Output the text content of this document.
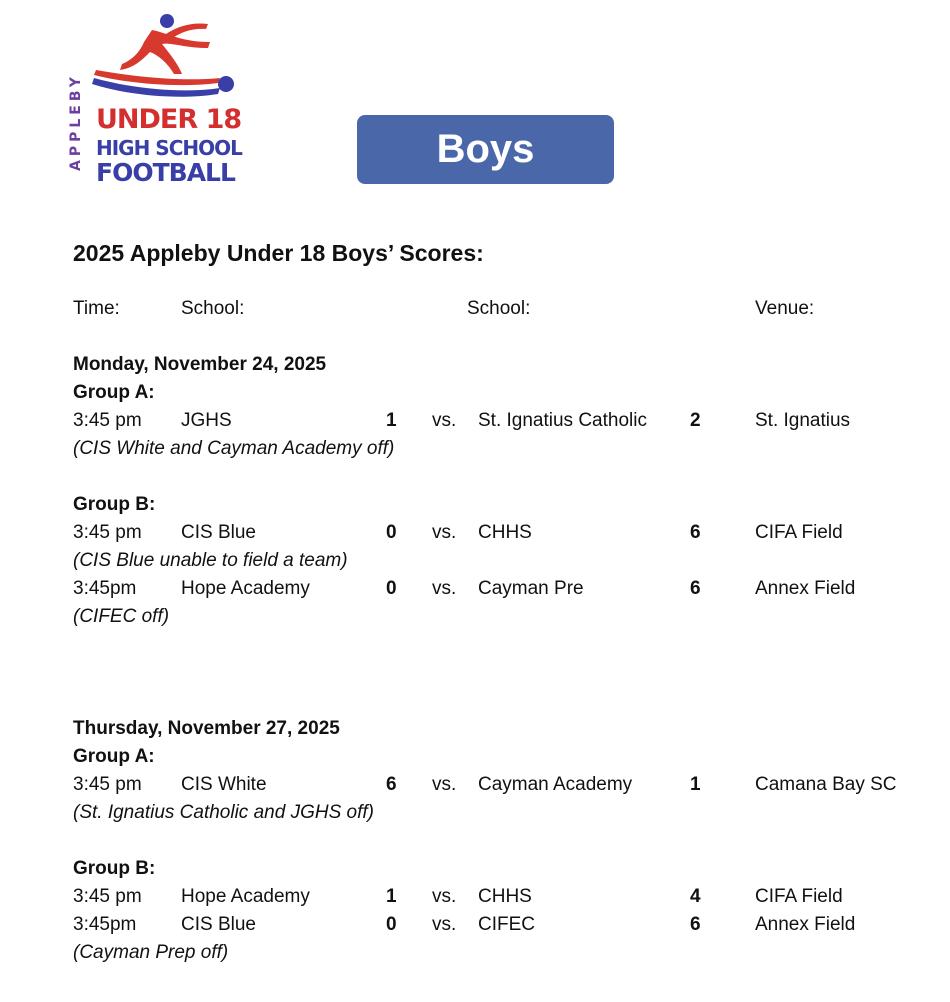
APPLEBY UNDER 18
HIGH SCHOOL
FOOTBALL
Boys
2025 Appleby Under 18 Boys’ Scores:
Time:	School:	School:	Venue:
Monday, November 24, 2025
Group A:
3:45 pm JGHS	1 vs. St. Ignatius Catholic 2	St. Ignatius
(CIS White and Cayman Academy off)
Group B:
3:45 pm CIS Blue	0 vs. CHHS	6	CIFA Field
(CIS Blue unable to field a team)
3:45pm Hope Academy	0 vs. Cayman Pre	6	Annex Field
(CIFEC off)
Thursday, November 27, 2025
Group A:
3:45 pm CIS White	6 vs. Cayman Academy	1	Camana Bay SC
(St. Ignatius Catholic and JGHS off)
Group B:
3:45 pm Hope Academy	1 vs. CHHS	4	CIFA Field
3:45pm CIS Blue	0 vs. CIFEC	6	Annex Field
(Cayman Prep off)
